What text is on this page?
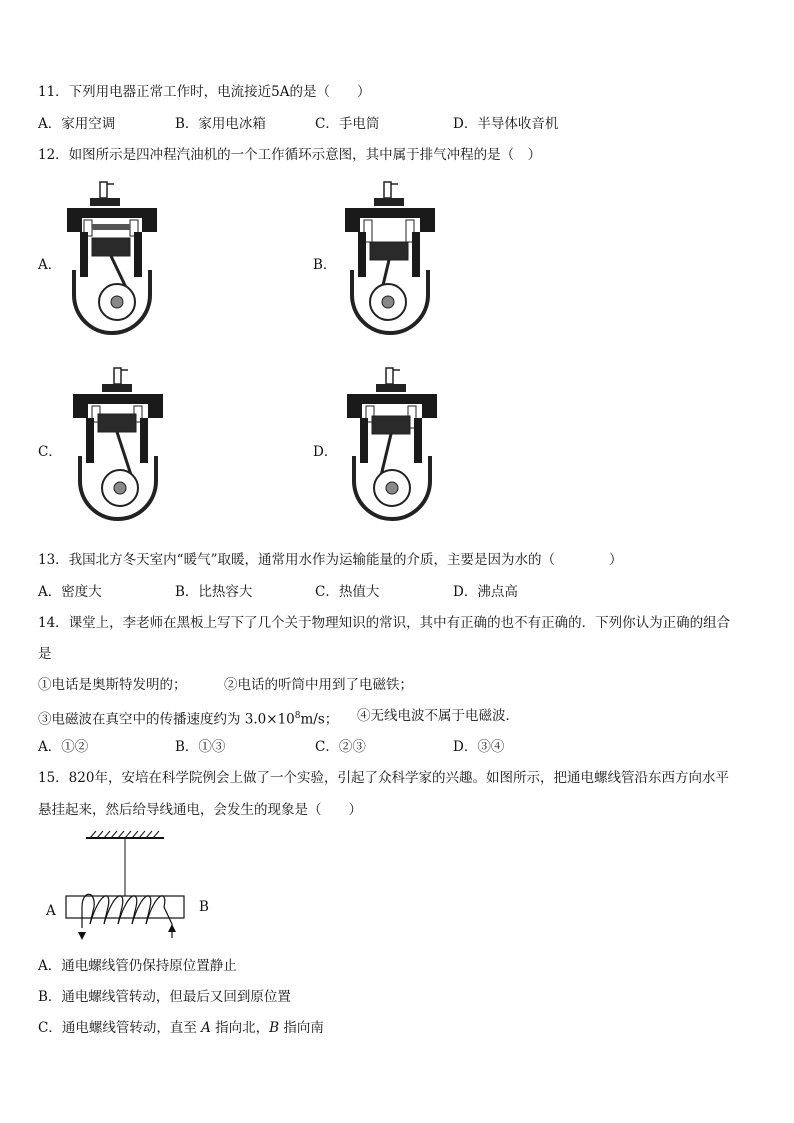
11．下列用电器正常工作时，电流接近5A的是（　　）
A．家用空调	B．家用电冰箱	C．手电筒	D．半导体收音机
12．如图所示是四冲程汽油机的一个工作循环示意图，其中属于排气冲程的是（　）
A．	B．
C．	D．
13．我国北方冬天室内“暖气”取暖，通常用水作为运输能量的介质，主要是因为水的（　　　　）
A．密度大	B．比热容大	C．热值大	D．沸点高
14．课堂上，李老师在黑板上写下了几个关于物理知识的常识，其中有正确的也不有正确的．下列你认为正确的组合
是
①电话是奥斯特发明的；	②电话的听筒中用到了电磁铁；
③电磁波在真空中的传播速度约为 $3.0\times 10^8m/s$； ④无线电波不属于电磁波．
A．①②	B．①③	C．②③	D．③④
15．820年，安培在科学院例会上做了一个实验，引起了众科学家的兴趣。如图所示，把通电螺线管沿东西方向水平
悬挂起来，然后给导线通电，会发生的现象是（　　）
A	B
A．通电螺线管仍保持原位置静止
B．通电螺线管转动，但最后又回到原位置
C．通电螺线管转动，直至 A 指向北，B 指向南
